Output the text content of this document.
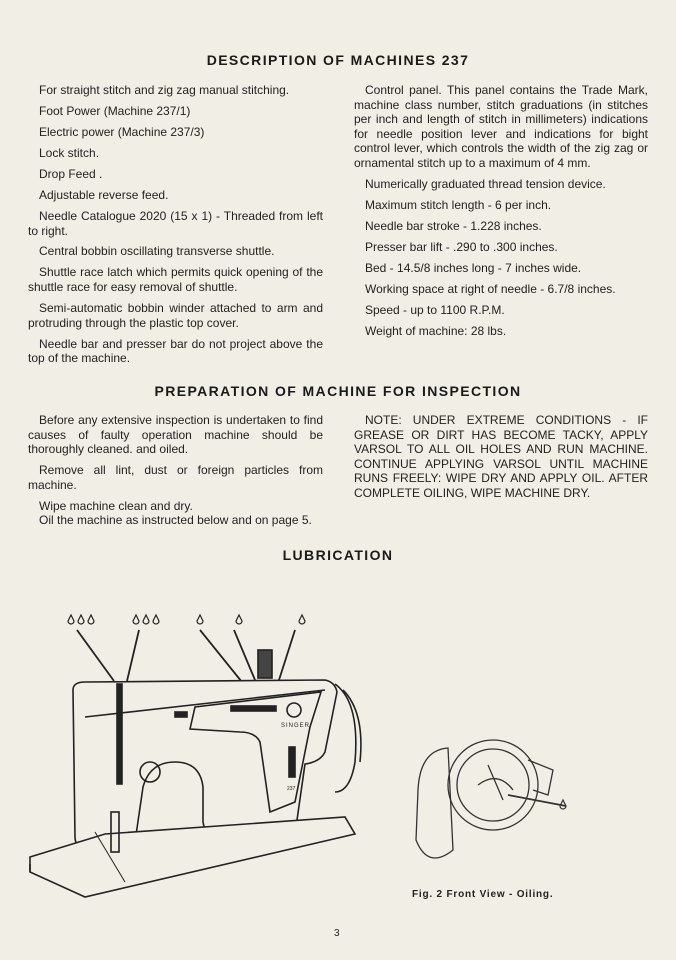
DESCRIPTION OF MACHINES 237

For straight stitch and zig zag manual stitching.

Foot Power (Machine 237/1)

Electric power (Machine 237/3)

Lock stitch.

Drop Feed .

Adjustable reverse feed.

Needle Catalogue 2020 (15 x 1) - Threaded from left to right.

Central bobbin oscillating transverse shuttle.

Shuttle race latch which permits quick opening of the shuttle race for easy removal of shuttle.

Semi-automatic bobbin winder attached to arm and protruding through the plastic top cover.

Needle bar and presser bar do not project above the top of the machine.

Control panel. This panel contains the Trade Mark, machine class number, stitch graduations (in stitches per inch and length of stitch in millimeters) indications for needle position lever and indications for bight control lever, which controls the width of the zig zag or ornamental stitch up to a maximum of 4 mm.

Numerically graduated thread tension device.

Maximum stitch length - 6 per inch.

Needle bar stroke - 1.228 inches.

Presser bar lift - .290 to .300 inches.

Bed - 14.5/8 inches long - 7 inches wide.

Working space at right of needle - 6.7/8 inches.

Speed - up to 1100 R.P.M.

Weight of machine: 28 lbs.

PREPARATION OF MACHINE FOR INSPECTION

Before any extensive inspection is undertaken to find causes of faulty operation machine should be thoroughly cleaned. and oiled.

Remove all lint, dust or foreign particles from machine.

Wipe machine clean and dry.

Oil the machine as instructed below and on page 5.

NOTE: UNDER EXTREME CONDITIONS - IF GREASE OR DIRT HAS BECOME TACKY, APPLY VARSOL TO ALL OIL HOLES AND RUN MACHINE. CONTINUE APPLYING VARSOL UNTIL MACHINE RUNS FREELY: WIPE DRY AND APPLY OIL. AFTER COMPLETE OILING, WIPE MACHINE DRY.

LUBRICATION
SINGER
237
Fig. 2 Front View - Oiling.
3
